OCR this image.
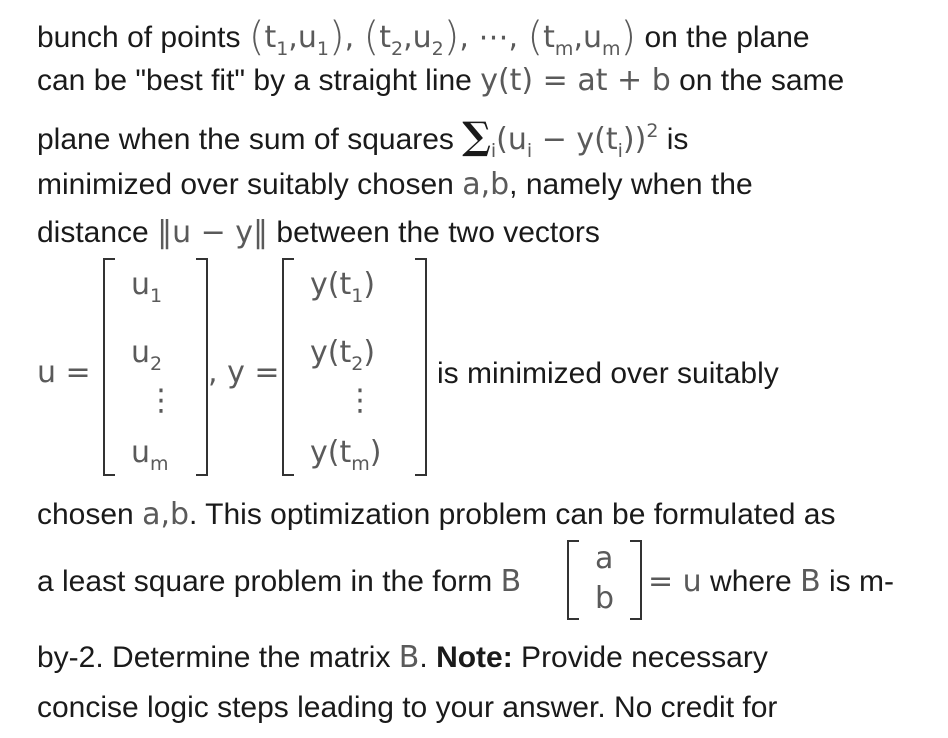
bunch of points $(t_1,u_1)$, $(t_2,u_2)$, ⋯, $(t_m,u_m)$ on the plane
can be "best fit" by a straight line y(t) = at + b on the same
plane when the sum of squares $\sum_i(u_i - y(t_i))^2$ is
minimized over suitably chosen a,b, namely when the
distance ‖u − y‖ between the two vectors
u =
$u_1$
$u_2$
⋮
$u_m$
, y =
$y(t_1)$
$y(t_2)$
⋮
$y(t_m)$
is minimized over suitably
chosen a,b. This optimization problem can be formulated as
a least square problem in the form B
a
b = u where B is m-
by-2. Determine the matrix B. Note: Provide necessary
concise logic steps leading to your answer. No credit for
